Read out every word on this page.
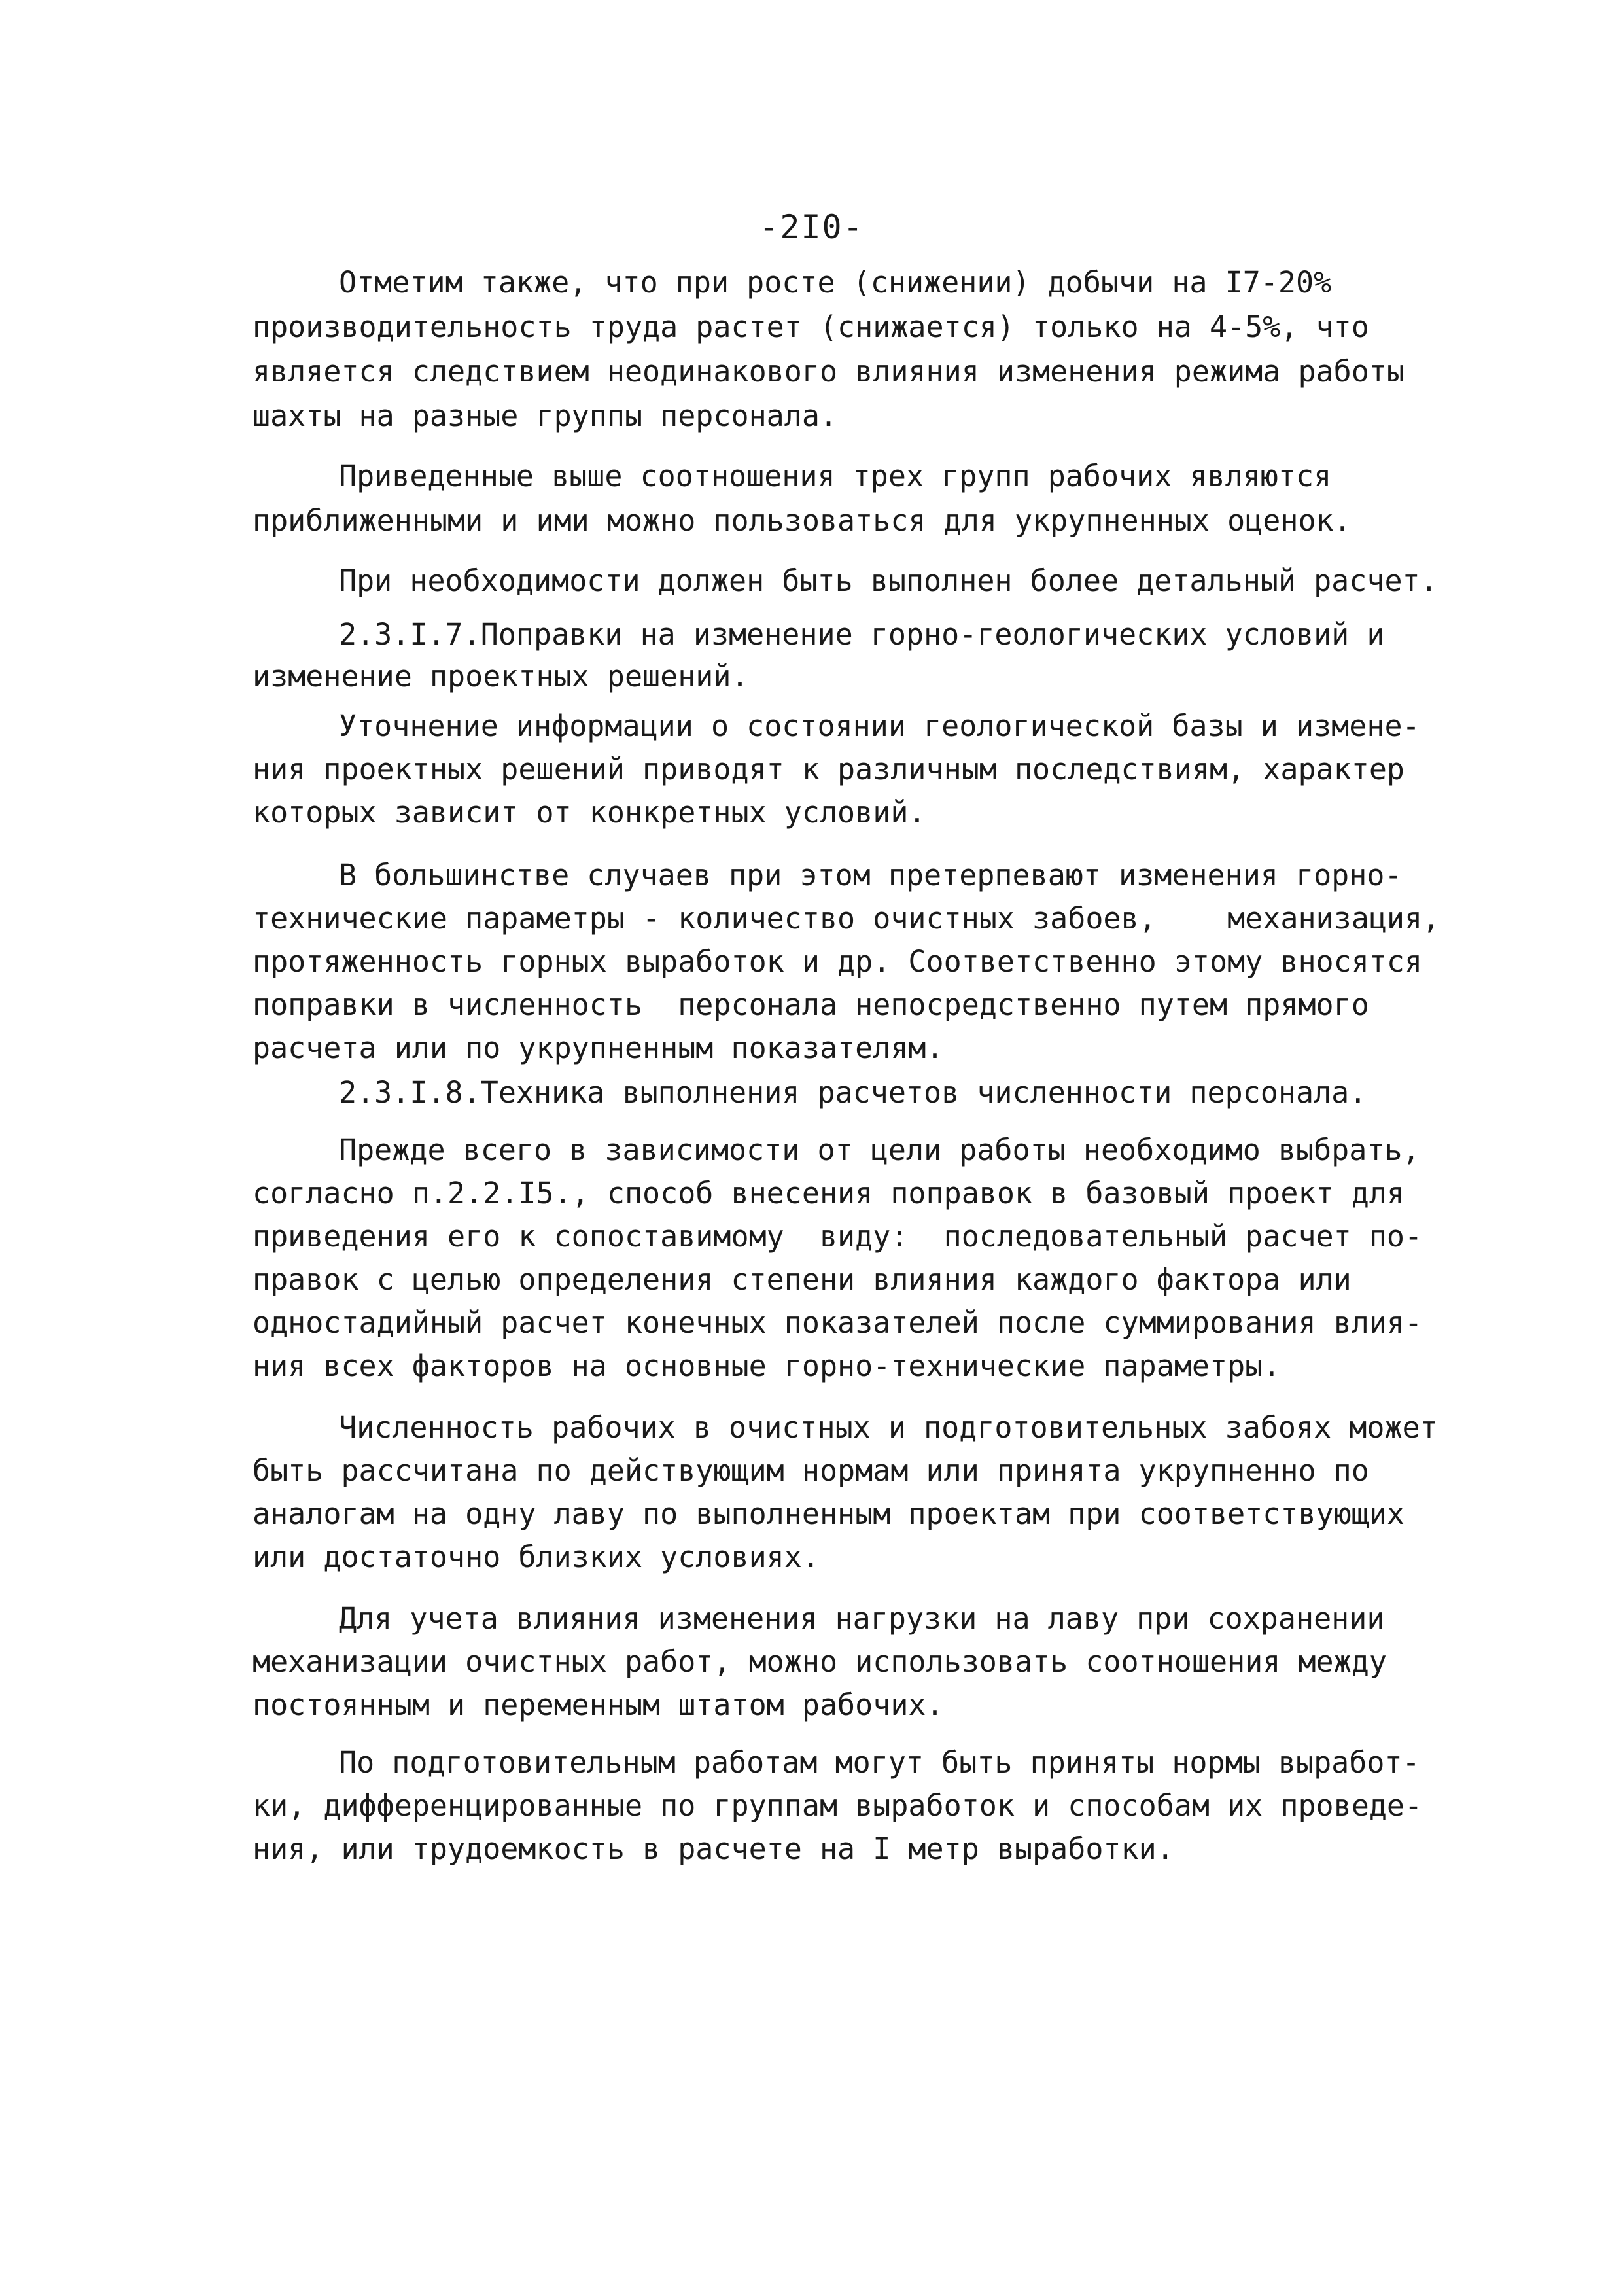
-2I0-
Отметим также, что при росте (снижении) добычи на I7-20%
производительность труда растет (снижается) только на 4-5%, что
является следствием неодинакового влияния изменения режима работы
шахты на разные группы персонала.
Приведенные выше соотношения трех групп рабочих являются
приближенными и ими можно пользоваться для укрупненных оценок.
При необходимости должен быть выполнен более детальный расчет.
2.3.I.7.Поправки на изменение горно-геологических условий и
изменение проектных решений.
Уточнение информации о состоянии геологической базы и измене-
ния проектных решений приводят к различным последствиям, характер
которых зависит от конкретных условий.
В большинстве случаев при этом претерпевают изменения горно-
технические параметры - количество очистных забоев,    механизация,
протяженность горных выработок и др. Соответственно этому вносятся
поправки в численность  персонала непосредственно путем прямого
расчета или по укрупненным показателям.
2.3.I.8.Техника выполнения расчетов численности персонала.
Прежде всего в зависимости от цели работы необходимо выбрать,
согласно п.2.2.I5., способ внесения поправок в базовый проект для
приведения его к сопоставимому  виду:  последовательный расчет по-
правок с целью определения степени влияния каждого фактора или
одностадийный расчет конечных показателей после суммирования влия-
ния всех факторов на основные горно-технические параметры.
Численность рабочих в очистных и подготовительных забоях может
быть рассчитана по действующим нормам или принята укрупненно по
аналогам на одну лаву по выполненным проектам при соответствующих
или достаточно близких условиях.
Для учета влияния изменения нагрузки на лаву при сохранении
механизации очистных работ, можно использовать соотношения между
постоянным и переменным штатом рабочих.
По подготовительным работам могут быть приняты нормы выработ-
ки, дифференцированные по группам выработок и способам их проведе-
ния, или трудоемкость в расчете на I метр выработки.
